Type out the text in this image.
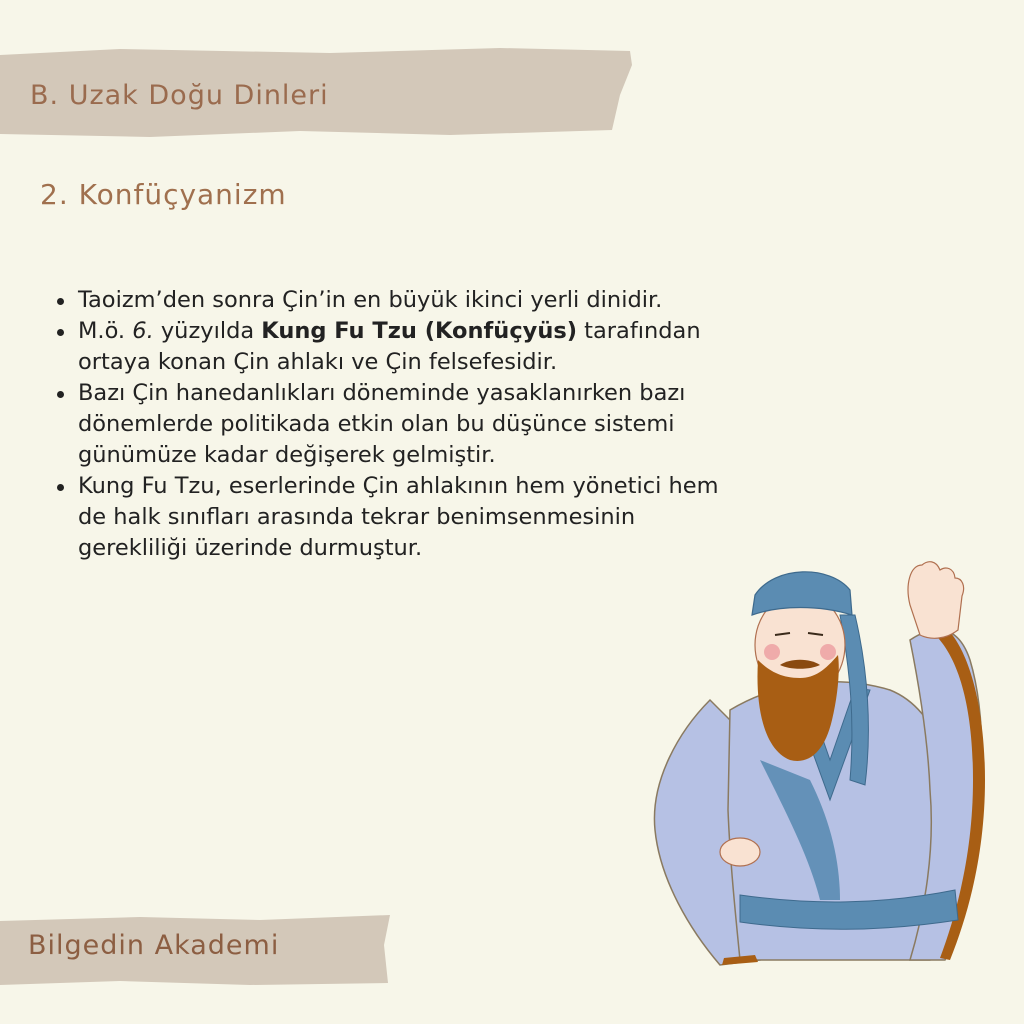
B. Uzak Doğu Dinleri
2. Konfüçyanizm
Taoizm’den sonra Çin’in en büyük ikinci yerli dinidir.
M.ö. 6. yüzyılda Kung Fu Tzu (Konfüçyüs) tarafından ortaya konan Çin ahlakı ve Çin felsefesidir.
Bazı Çin hanedanlıkları döneminde yasaklanırken bazı dönemlerde politikada etkin olan bu düşünce sistemi günümüze kadar değişerek gelmiştir.
Kung Fu Tzu, eserlerinde Çin ahlakının hem yönetici hem de halk sınıfları arasında tekrar benimsenmesinin gerekliliği üzerinde durmuştur.
Bilgedin Akademi
